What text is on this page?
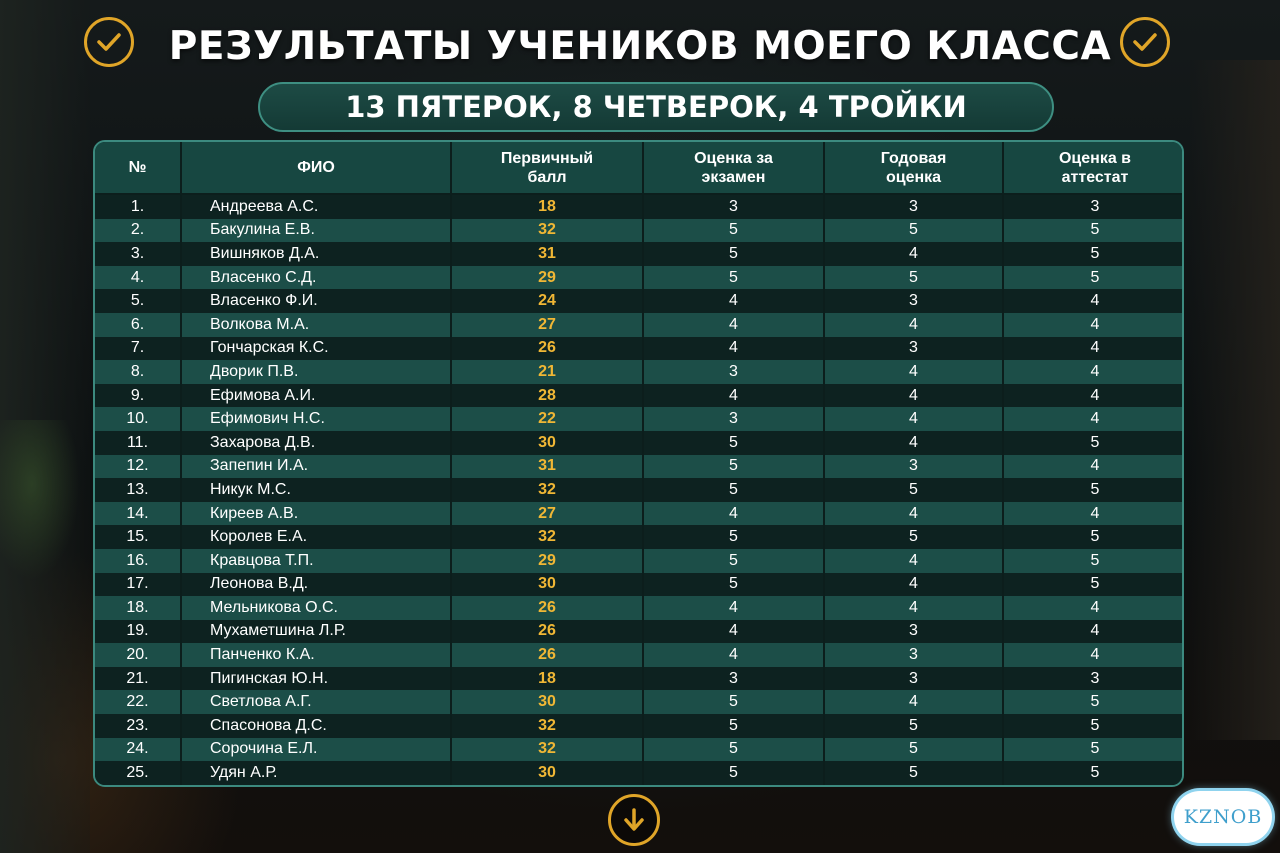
РЕЗУЛЬТАТЫ УЧЕНИКОВ МОЕГО КЛАССА
13 ПЯТЕРОК, 8 ЧЕТВЕРОК, 4 ТРОЙКИ
№	ФИО	Первичный балл	Оценка за экзамен	Годовая оценка	Оценка в аттестат
1.	Андреева А.С.	18	3	3	3
2.	Бакулина Е.В.	32	5	5	5
3.	Вишняков Д.А.	31	5	4	5
4.	Власенко С.Д.	29	5	5	5
5.	Власенко Ф.И.	24	4	3	4
6.	Волкова М.А.	27	4	4	4
7.	Гончарская К.С.	26	4	3	4
8.	Дворик П.В.	21	3	4	4
9.	Ефимова А.И.	28	4	4	4
10.	Ефимович Н.С.	22	3	4	4
11.	Захарова Д.В.	30	5	4	5
12.	Запепин И.А.	31	5	3	4
13.	Никук М.С.	32	5	5	5
14.	Киреев А.В.	27	4	4	4
15.	Королев Е.А.	32	5	5	5
16.	Кравцова Т.П.	29	5	4	5
17.	Леонова В.Д.	30	5	4	5
18.	Мельникова О.С.	26	4	4	4
19.	Мухаметшина Л.Р.	26	4	3	4
20.	Панченко К.А.	26	4	3	4
21.	Пигинская Ю.Н.	18	3	3	3
22.	Светлова А.Г.	30	5	4	5
23.	Спасонова Д.С.	32	5	5	5
24.	Сорочина Е.Л.	32	5	5	5
25.	Удян А.Р.	30	5	5	5
KZNOB
